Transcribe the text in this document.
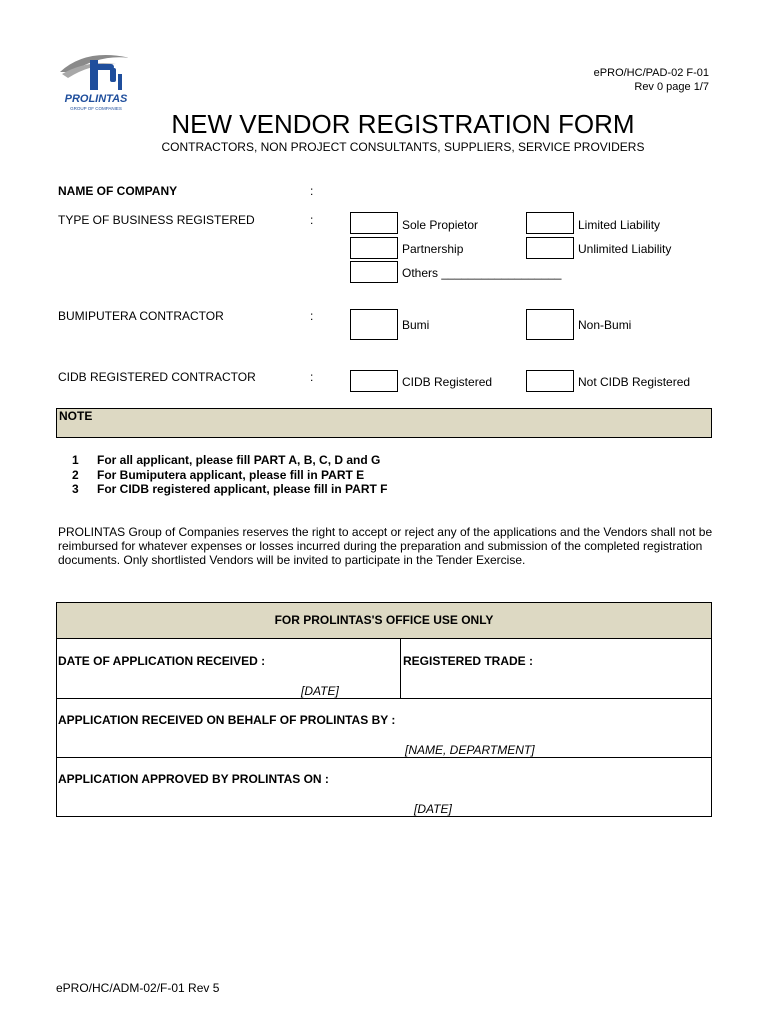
PROLINTAS
GROUP OF COMPANIES
ePRO/HC/PAD-02 F-01
Rev 0 page 1/7
NEW VENDOR REGISTRATION FORM
CONTRACTORS, NON PROJECT CONSULTANTS, SUPPLIERS, SERVICE PROVIDERS
NAME OF COMPANY	:
TYPE OF BUSINESS REGISTERED	:	Sole Propietor	Limited Liability
Partnership	Unlimited Liability
Others __________________
BUMIPUTERA CONTRACTOR	:
Bumi	Non-Bumi
CIDB REGISTERED CONTRACTOR	:	CIDB Registered	Not CIDB Registered
NOTE
1 For all applicant, please fill PART A, B, C, D and G
2 For Bumiputera applicant, please fill in PART E
3 For CIDB registered applicant, please fill in PART F
PROLINTAS Group of Companies reserves the right to accept or reject any of the applications and the Vendors shall not be reimbursed for whatever expenses or losses incurred during the preparation and submission of the completed registration documents. Only shortlisted Vendors will be invited to participate in the Tender Exercise.
FOR PROLINTAS'S OFFICE USE ONLY
DATE OF APPLICATION RECEIVED :
[DATE]
REGISTERED TRADE :
APPLICATION RECEIVED ON BEHALF OF PROLINTAS BY :
[NAME, DEPARTMENT]
APPLICATION APPROVED BY PROLINTAS ON :
[DATE]
ePRO/HC/ADM-02/F-01 Rev 5
